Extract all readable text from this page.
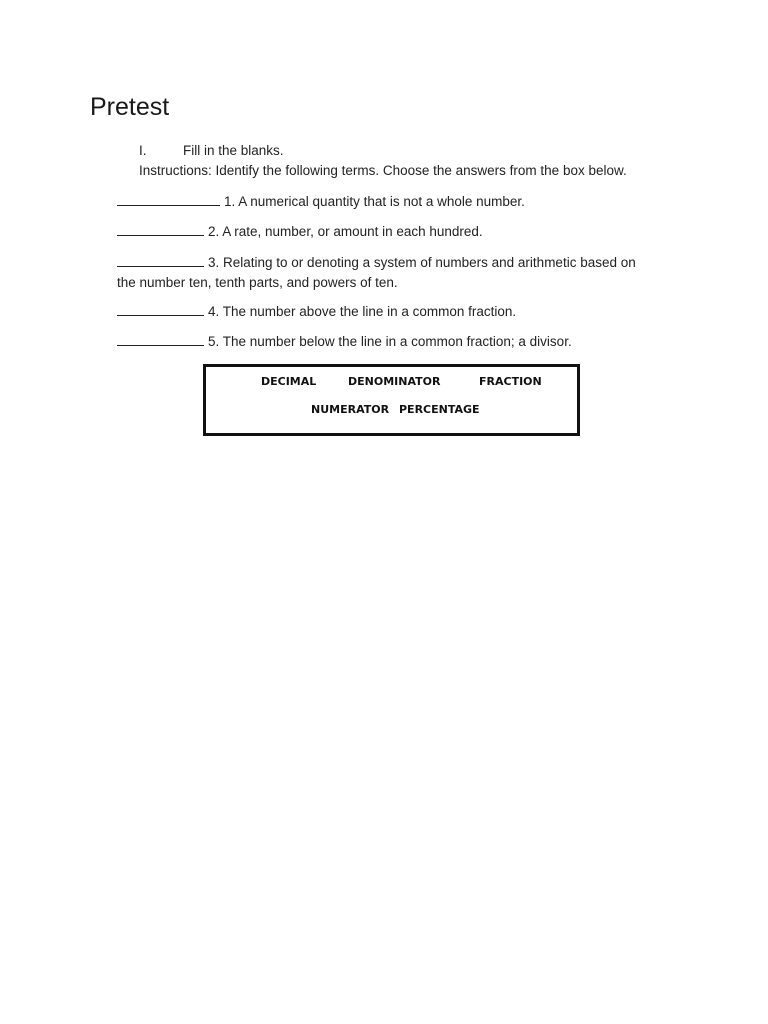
Pretest
I.	Fill in the blanks.
Instructions: Identify the following terms. Choose the answers from the box below.
1. A numerical quantity that is not a whole number.
2. A rate, number, or amount in each hundred.
3. Relating to or denoting a system of numbers and arithmetic based on
the number ten, tenth parts, and powers of ten.
4. The number above the line in a common fraction.
5. The number below the line in a common fraction; a divisor.
DECIMAL	DENOMINATOR	FRACTION
NUMERATOR PERCENTAGE
